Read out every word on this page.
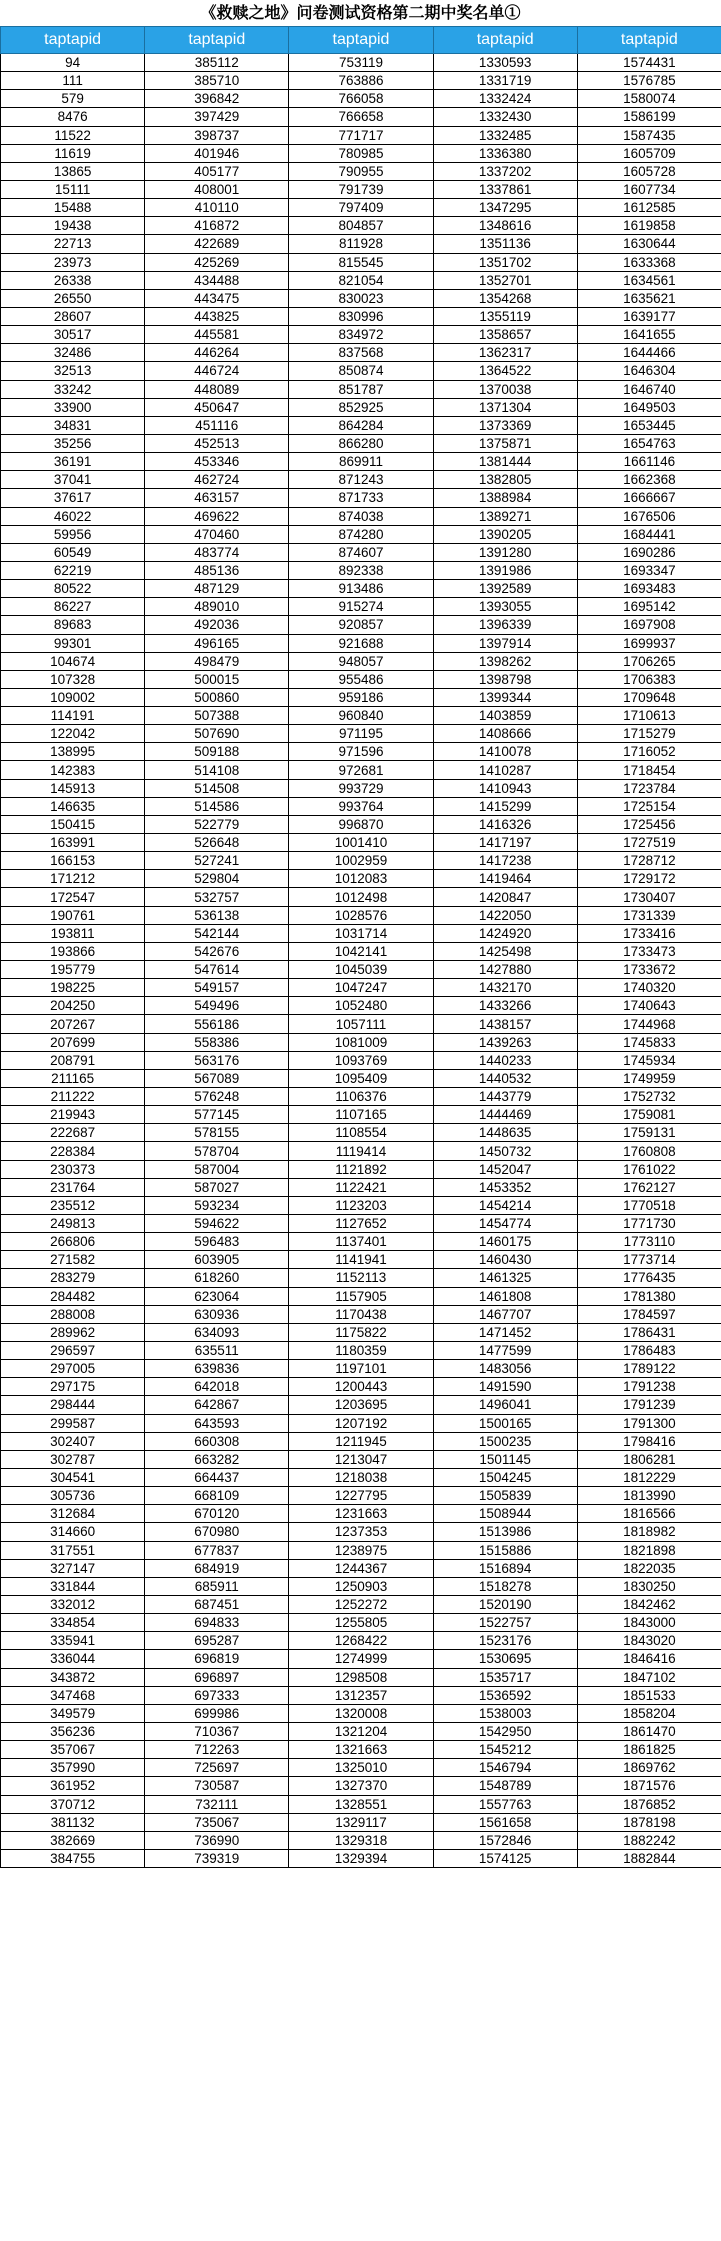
《救赎之地》问卷测试资格第二期中奖名单①
taptapid	taptapid	taptapid	taptapid	taptapid
94	385112	753119	1330593	1574431
111	385710	763886	1331719	1576785
579	396842	766058	1332424	1580074
8476	397429	766658	1332430	1586199
11522	398737	771717	1332485	1587435
11619	401946	780985	1336380	1605709
13865	405177	790955	1337202	1605728
15111	408001	791739	1337861	1607734
15488	410110	797409	1347295	1612585
19438	416872	804857	1348616	1619858
22713	422689	811928	1351136	1630644
23973	425269	815545	1351702	1633368
26338	434488	821054	1352701	1634561
26550	443475	830023	1354268	1635621
28607	443825	830996	1355119	1639177
30517	445581	834972	1358657	1641655
32486	446264	837568	1362317	1644466
32513	446724	850874	1364522	1646304
33242	448089	851787	1370038	1646740
33900	450647	852925	1371304	1649503
34831	451116	864284	1373369	1653445
35256	452513	866280	1375871	1654763
36191	453346	869911	1381444	1661146
37041	462724	871243	1382805	1662368
37617	463157	871733	1388984	1666667
46022	469622	874038	1389271	1676506
59956	470460	874280	1390205	1684441
60549	483774	874607	1391280	1690286
62219	485136	892338	1391986	1693347
80522	487129	913486	1392589	1693483
86227	489010	915274	1393055	1695142
89683	492036	920857	1396339	1697908
99301	496165	921688	1397914	1699937
104674	498479	948057	1398262	1706265
107328	500015	955486	1398798	1706383
109002	500860	959186	1399344	1709648
114191	507388	960840	1403859	1710613
122042	507690	971195	1408666	1715279
138995	509188	971596	1410078	1716052
142383	514108	972681	1410287	1718454
145913	514508	993729	1410943	1723784
146635	514586	993764	1415299	1725154
150415	522779	996870	1416326	1725456
163991	526648	1001410	1417197	1727519
166153	527241	1002959	1417238	1728712
171212	529804	1012083	1419464	1729172
172547	532757	1012498	1420847	1730407
190761	536138	1028576	1422050	1731339
193811	542144	1031714	1424920	1733416
193866	542676	1042141	1425498	1733473
195779	547614	1045039	1427880	1733672
198225	549157	1047247	1432170	1740320
204250	549496	1052480	1433266	1740643
207267	556186	1057111	1438157	1744968
207699	558386	1081009	1439263	1745833
208791	563176	1093769	1440233	1745934
211165	567089	1095409	1440532	1749959
211222	576248	1106376	1443779	1752732
219943	577145	1107165	1444469	1759081
222687	578155	1108554	1448635	1759131
228384	578704	1119414	1450732	1760808
230373	587004	1121892	1452047	1761022
231764	587027	1122421	1453352	1762127
235512	593234	1123203	1454214	1770518
249813	594622	1127652	1454774	1771730
266806	596483	1137401	1460175	1773110
271582	603905	1141941	1460430	1773714
283279	618260	1152113	1461325	1776435
284482	623064	1157905	1461808	1781380
288008	630936	1170438	1467707	1784597
289962	634093	1175822	1471452	1786431
296597	635511	1180359	1477599	1786483
297005	639836	1197101	1483056	1789122
297175	642018	1200443	1491590	1791238
298444	642867	1203695	1496041	1791239
299587	643593	1207192	1500165	1791300
302407	660308	1211945	1500235	1798416
302787	663282	1213047	1501145	1806281
304541	664437	1218038	1504245	1812229
305736	668109	1227795	1505839	1813990
312684	670120	1231663	1508944	1816566
314660	670980	1237353	1513986	1818982
317551	677837	1238975	1515886	1821898
327147	684919	1244367	1516894	1822035
331844	685911	1250903	1518278	1830250
332012	687451	1252272	1520190	1842462
334854	694833	1255805	1522757	1843000
335941	695287	1268422	1523176	1843020
336044	696819	1274999	1530695	1846416
343872	696897	1298508	1535717	1847102
347468	697333	1312357	1536592	1851533
349579	699986	1320008	1538003	1858204
356236	710367	1321204	1542950	1861470
357067	712263	1321663	1545212	1861825
357990	725697	1325010	1546794	1869762
361952	730587	1327370	1548789	1871576
370712	732111	1328551	1557763	1876852
381132	735067	1329117	1561658	1878198
382669	736990	1329318	1572846	1882242
384755	739319	1329394	1574125	1882844
